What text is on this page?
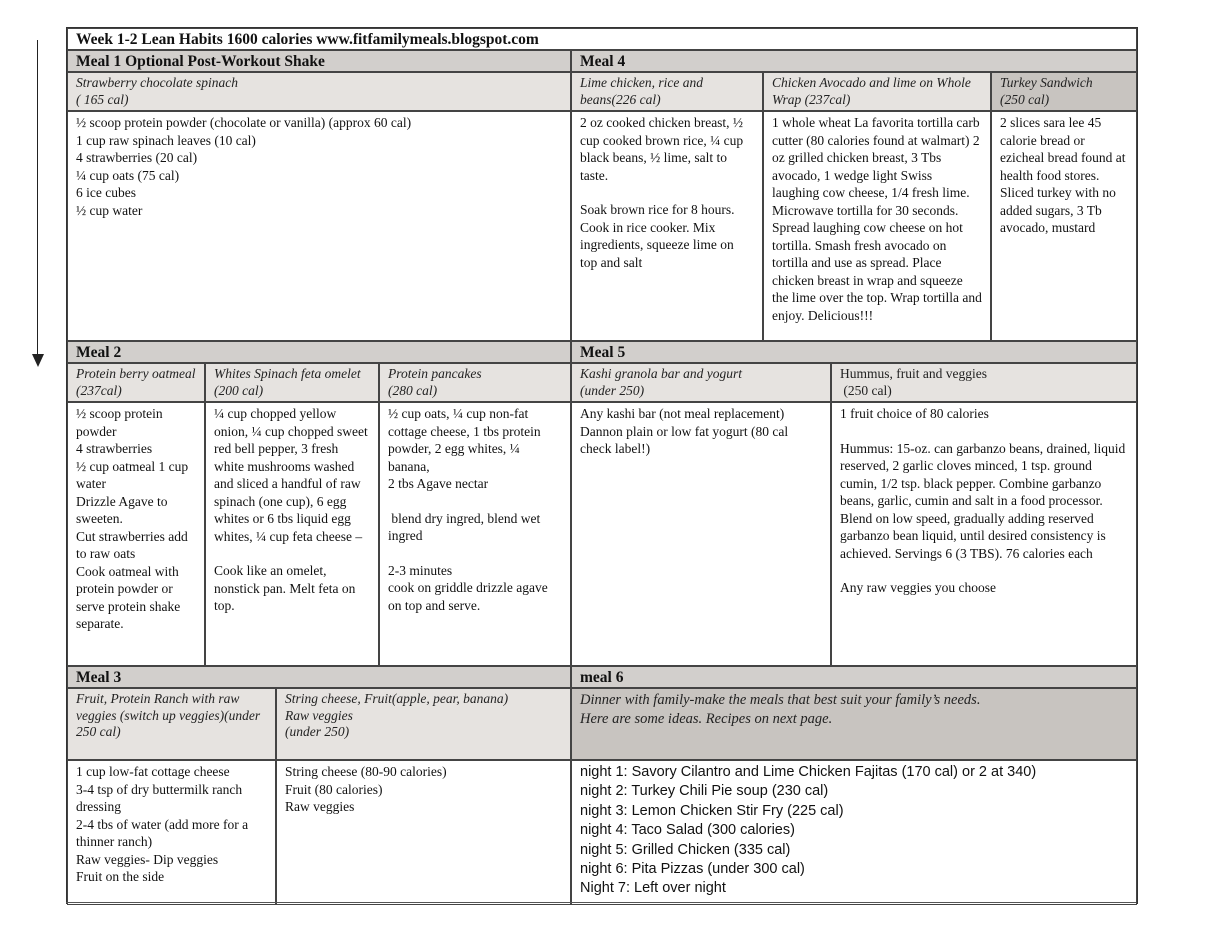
Week 1-2 Lean Habits 1600 calories www.fitfamilymeals.blogspot.com
Meal 1 Optional Post-Workout Shake
Strawberry chocolate spinach
( 165 cal)
½ scoop protein powder (chocolate or vanilla) (approx 60 cal)
1 cup raw spinach leaves (10 cal)
4 strawberries (20 cal)
¼ cup oats (75 cal)
6 ice cubes
½ cup water
Meal 4
Lime chicken, rice and beans(226 cal)
Chicken Avocado and lime on Whole Wrap (237cal)
Turkey Sandwich
(250 cal)
2 oz cooked chicken breast, ½ cup cooked brown rice, ¼ cup black beans, ½ lime, salt to taste.
Soak brown rice for 8 hours. Cook in rice cooker. Mix ingredients, squeeze lime on top and salt
1 whole wheat La favorita tortilla carb cutter (80 calories found at walmart) 2 oz grilled chicken breast, 3 Tbs avocado, 1 wedge light Swiss laughing cow cheese, 1/4 fresh lime. Microwave tortilla for 30 seconds. Spread laughing cow cheese on hot tortilla. Smash fresh avocado on tortilla and use as spread. Place chicken breast in wrap and squeeze the lime over the top. Wrap tortilla and enjoy. Delicious!!!
2 slices sara lee 45 calorie bread or ezicheal bread found at health food stores. Sliced turkey with no added sugars, 3 Tb avocado, mustard
Meal 2
Protein berry oatmeal (237cal)
Whites Spinach feta omelet (200 cal)
Protein pancakes
(280 cal)
½ scoop protein powder
4 strawberries
½ cup oatmeal 1 cup water
Drizzle Agave to sweeten.
Cut strawberries add to raw oats
Cook oatmeal with protein powder or serve protein shake separate.
¼ cup chopped yellow onion, ¼ cup chopped sweet red bell pepper, 3 fresh white mushrooms washed and sliced a handful of raw spinach (one cup), 6 egg whites or 6 tbs liquid egg whites, ¼ cup feta cheese –
Cook like an omelet, nonstick pan. Melt feta on top.
½ cup oats, ¼ cup non-fat cottage cheese, 1 tbs protein powder, 2 egg whites, ¼ banana,
2 tbs Agave nectar
blend dry ingred, blend wet ingred
2-3 minutes
cook on griddle drizzle agave on top and serve.
Meal 5
Kashi granola bar and yogurt
(under 250)
Hummus, fruit and veggies
(250 cal)
Any kashi bar (not meal replacement)
Dannon plain or low fat yogurt (80 cal check label!)
1 fruit choice of 80 calories
Hummus: 15-oz. can garbanzo beans, drained, liquid reserved, 2 garlic cloves minced, 1 tsp. ground cumin, 1/2 tsp. black pepper. Combine garbanzo beans, garlic, cumin and salt in a food processor. Blend on low speed, gradually adding reserved garbanzo bean liquid, until desired consistency is achieved. Servings 6 (3 TBS). 76 calories each
Any raw veggies you choose
Meal 3
Fruit, Protein Ranch with raw veggies (switch up veggies)(under 250 cal)
String cheese, Fruit(apple, pear, banana)
Raw veggies
(under 250)
1 cup low-fat cottage cheese
3-4 tsp of dry buttermilk ranch dressing
2-4 tbs of water (add more for a thinner ranch)
Raw veggies- Dip veggies
Fruit on the side
String cheese (80-90 calories)
Fruit (80 calories)
Raw veggies
meal 6
Dinner with family-make the meals that best suit your family’s needs.
Here are some ideas. Recipes on next page.
night 1: Savory Cilantro and Lime Chicken Fajitas (170 cal) or 2 at 340)
night 2: Turkey Chili Pie soup (230 cal)
night 3: Lemon Chicken Stir Fry (225 cal)
night 4: Taco Salad (300 calories)
night 5: Grilled Chicken (335 cal)
night 6: Pita Pizzas (under 300 cal)
Night 7: Left over night
